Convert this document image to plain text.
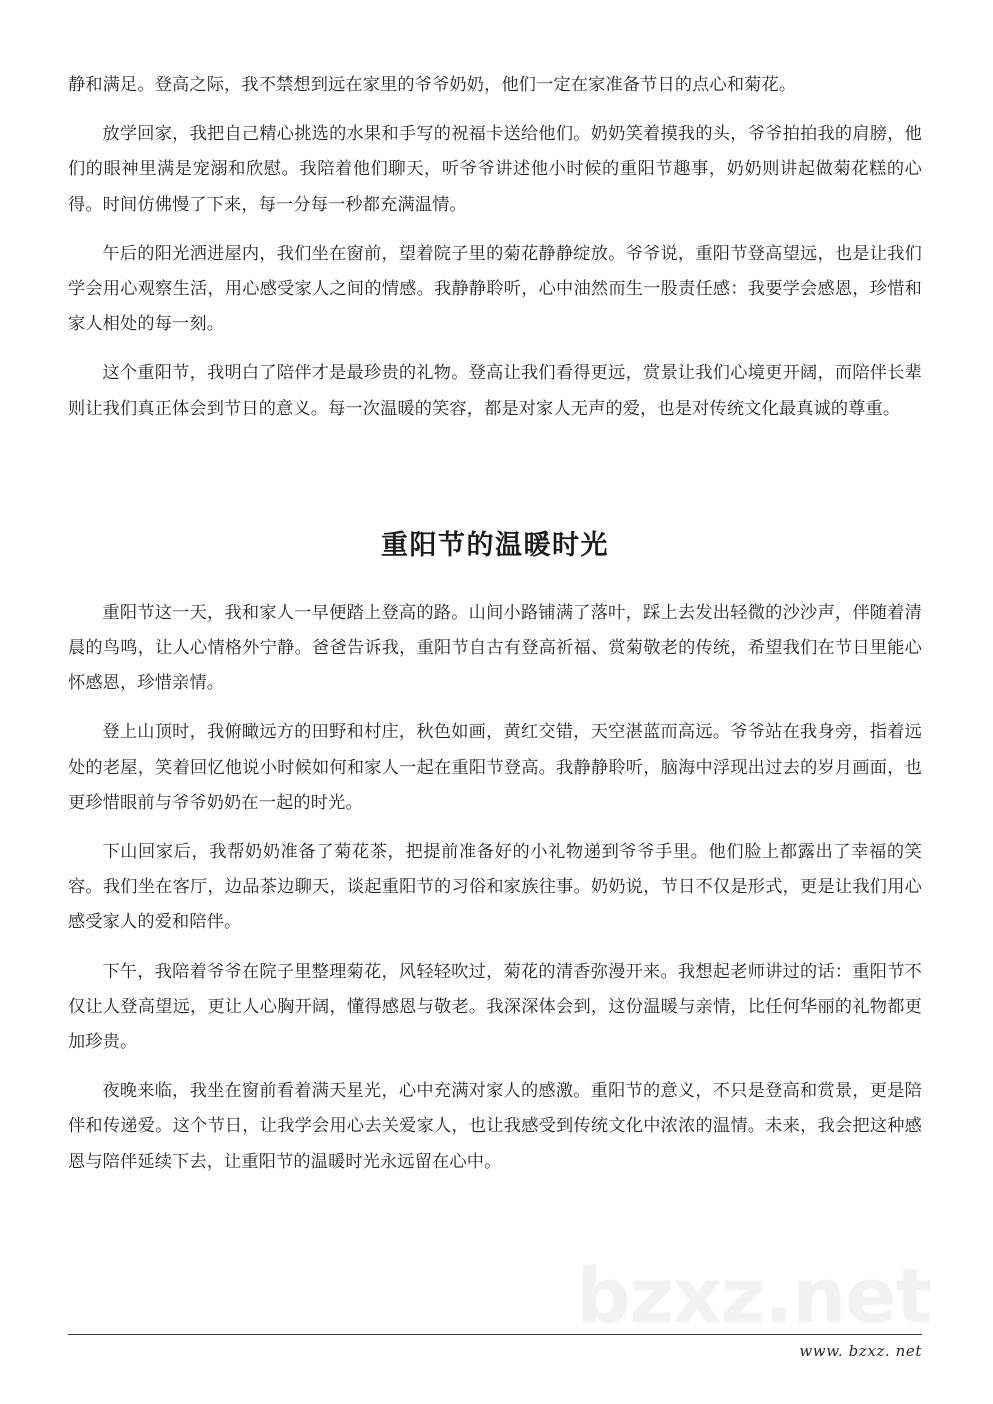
静和满足。登高之际，我不禁想到远在家里的爷爷奶奶，他们一定在家准备节日的点心和菊花。

放学回家，我把自己精心挑选的水果和手写的祝福卡送给他们。奶奶笑着摸我的头，爷爷拍拍我的肩膀，他们的眼神里满是宠溺和欣慰。我陪着他们聊天，听爷爷讲述他小时候的重阳节趣事，奶奶则讲起做菊花糕的心得。时间仿佛慢了下来，每一分每一秒都充满温情。

午后的阳光洒进屋内，我们坐在窗前，望着院子里的菊花静静绽放。爷爷说，重阳节登高望远，也是让我们学会用心观察生活，用心感受家人之间的情感。我静静聆听，心中油然而生一股责任感：我要学会感恩，珍惜和家人相处的每一刻。

这个重阳节，我明白了陪伴才是最珍贵的礼物。登高让我们看得更远，赏景让我们心境更开阔，而陪伴长辈则让我们真正体会到节日的意义。每一次温暖的笑容，都是对家人无声的爱，也是对传统文化最真诚的尊重。

重阳节的温暖时光

重阳节这一天，我和家人一早便踏上登高的路。山间小路铺满了落叶，踩上去发出轻微的沙沙声，伴随着清晨的鸟鸣，让人心情格外宁静。爸爸告诉我，重阳节自古有登高祈福、赏菊敬老的传统，希望我们在节日里能心怀感恩，珍惜亲情。

登上山顶时，我俯瞰远方的田野和村庄，秋色如画，黄红交错，天空湛蓝而高远。爷爷站在我身旁，指着远处的老屋，笑着回忆他说小时候如何和家人一起在重阳节登高。我静静聆听，脑海中浮现出过去的岁月画面，也更珍惜眼前与爷爷奶奶在一起的时光。

下山回家后，我帮奶奶准备了菊花茶，把提前准备好的小礼物递到爷爷手里。他们脸上都露出了幸福的笑容。我们坐在客厅，边品茶边聊天，谈起重阳节的习俗和家族往事。奶奶说，节日不仅是形式，更是让我们用心感受家人的爱和陪伴。

下午，我陪着爷爷在院子里整理菊花，风轻轻吹过，菊花的清香弥漫开来。我想起老师讲过的话：重阳节不仅让人登高望远，更让人心胸开阔，懂得感恩与敬老。我深深体会到，这份温暖与亲情，比任何华丽的礼物都更加珍贵。

夜晚来临，我坐在窗前看着满天星光，心中充满对家人的感激。重阳节的意义，不只是登高和赏景，更是陪伴和传递爱。这个节日，让我学会用心去关爱家人，也让我感受到传统文化中浓浓的温情。未来，我会把这种感恩与陪伴延续下去，让重阳节的温暖时光永远留在心中。

bzxz.net
www. bzxz. net
